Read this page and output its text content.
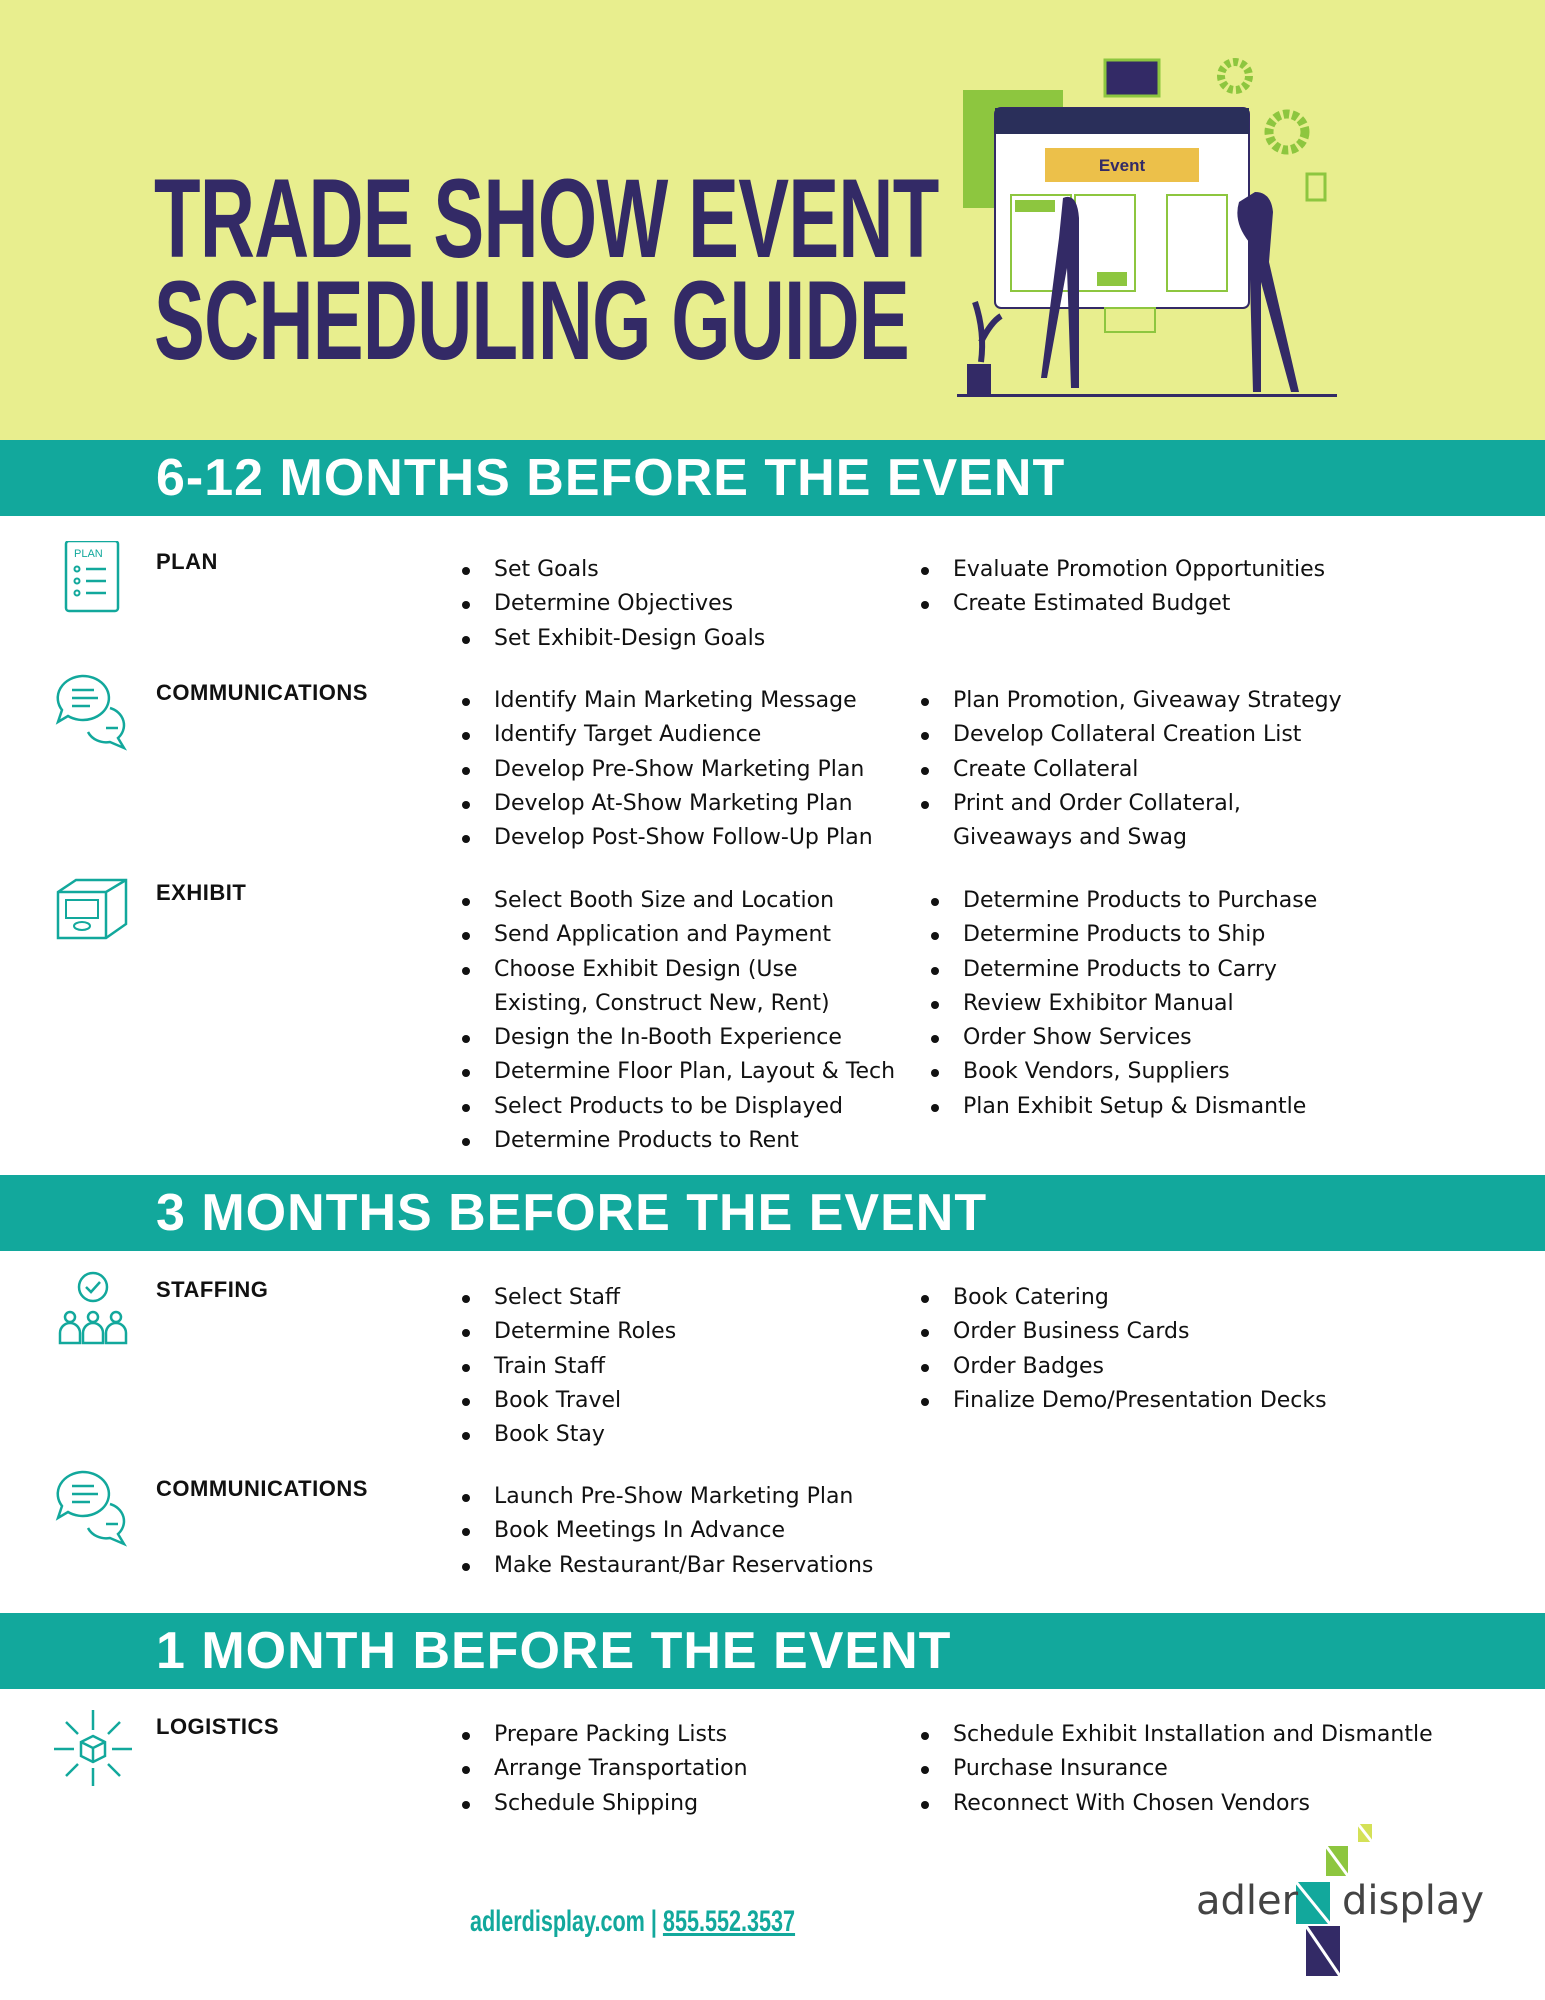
TRADE SHOW EVENT
SCHEDULING GUIDE
Event
6-12 MONTHS BEFORE THE EVENT
3 MONTHS BEFORE THE EVENT
1 MONTH BEFORE THE EVENT
PLAN PLAN	Set Goals
Determine Objectives
Set Exhibit-Design Goals
Evaluate Promotion Opportunities
Create Estimated Budget
COMMUNICATIONS	Identify Main Marketing Message
Identify Target Audience
Develop Pre-Show Marketing Plan
Develop At-Show Marketing Plan
Develop Post-Show Follow-Up Plan
Plan Promotion, Giveaway Strategy
Develop Collateral Creation List
Create Collateral
Print and Order Collateral, Giveaways and Swag
EXHIBIT	Select Booth Size and Location
Send Application and Payment
Choose Exhibit Design (Use Existing, Construct New, Rent)
Design the In-Booth Experience
Determine Floor Plan, Layout & Tech
Select Products to be Displayed
Determine Products to Rent
Determine Products to Purchase
Determine Products to Ship
Determine Products to Carry
Review Exhibitor Manual
Order Show Services
Book Vendors, Suppliers
Plan Exhibit Setup & Dismantle
STAFFING	Select Staff
Determine Roles
Train Staff
Book Travel
Book Stay
Book Catering
Order Business Cards
Order Badges
Finalize Demo/Presentation Decks
COMMUNICATIONS	Launch Pre-Show Marketing Plan
Book Meetings In Advance
Make Restaurant/Bar Reservations
LOGISTICS	Prepare Packing Lists
Arrange Transportation
Schedule Shipping
Schedule Exhibit Installation and Dismantle
Purchase Insurance
Reconnect With Chosen Vendors
adlerdisplay.com | 855.552.3537	adler display
